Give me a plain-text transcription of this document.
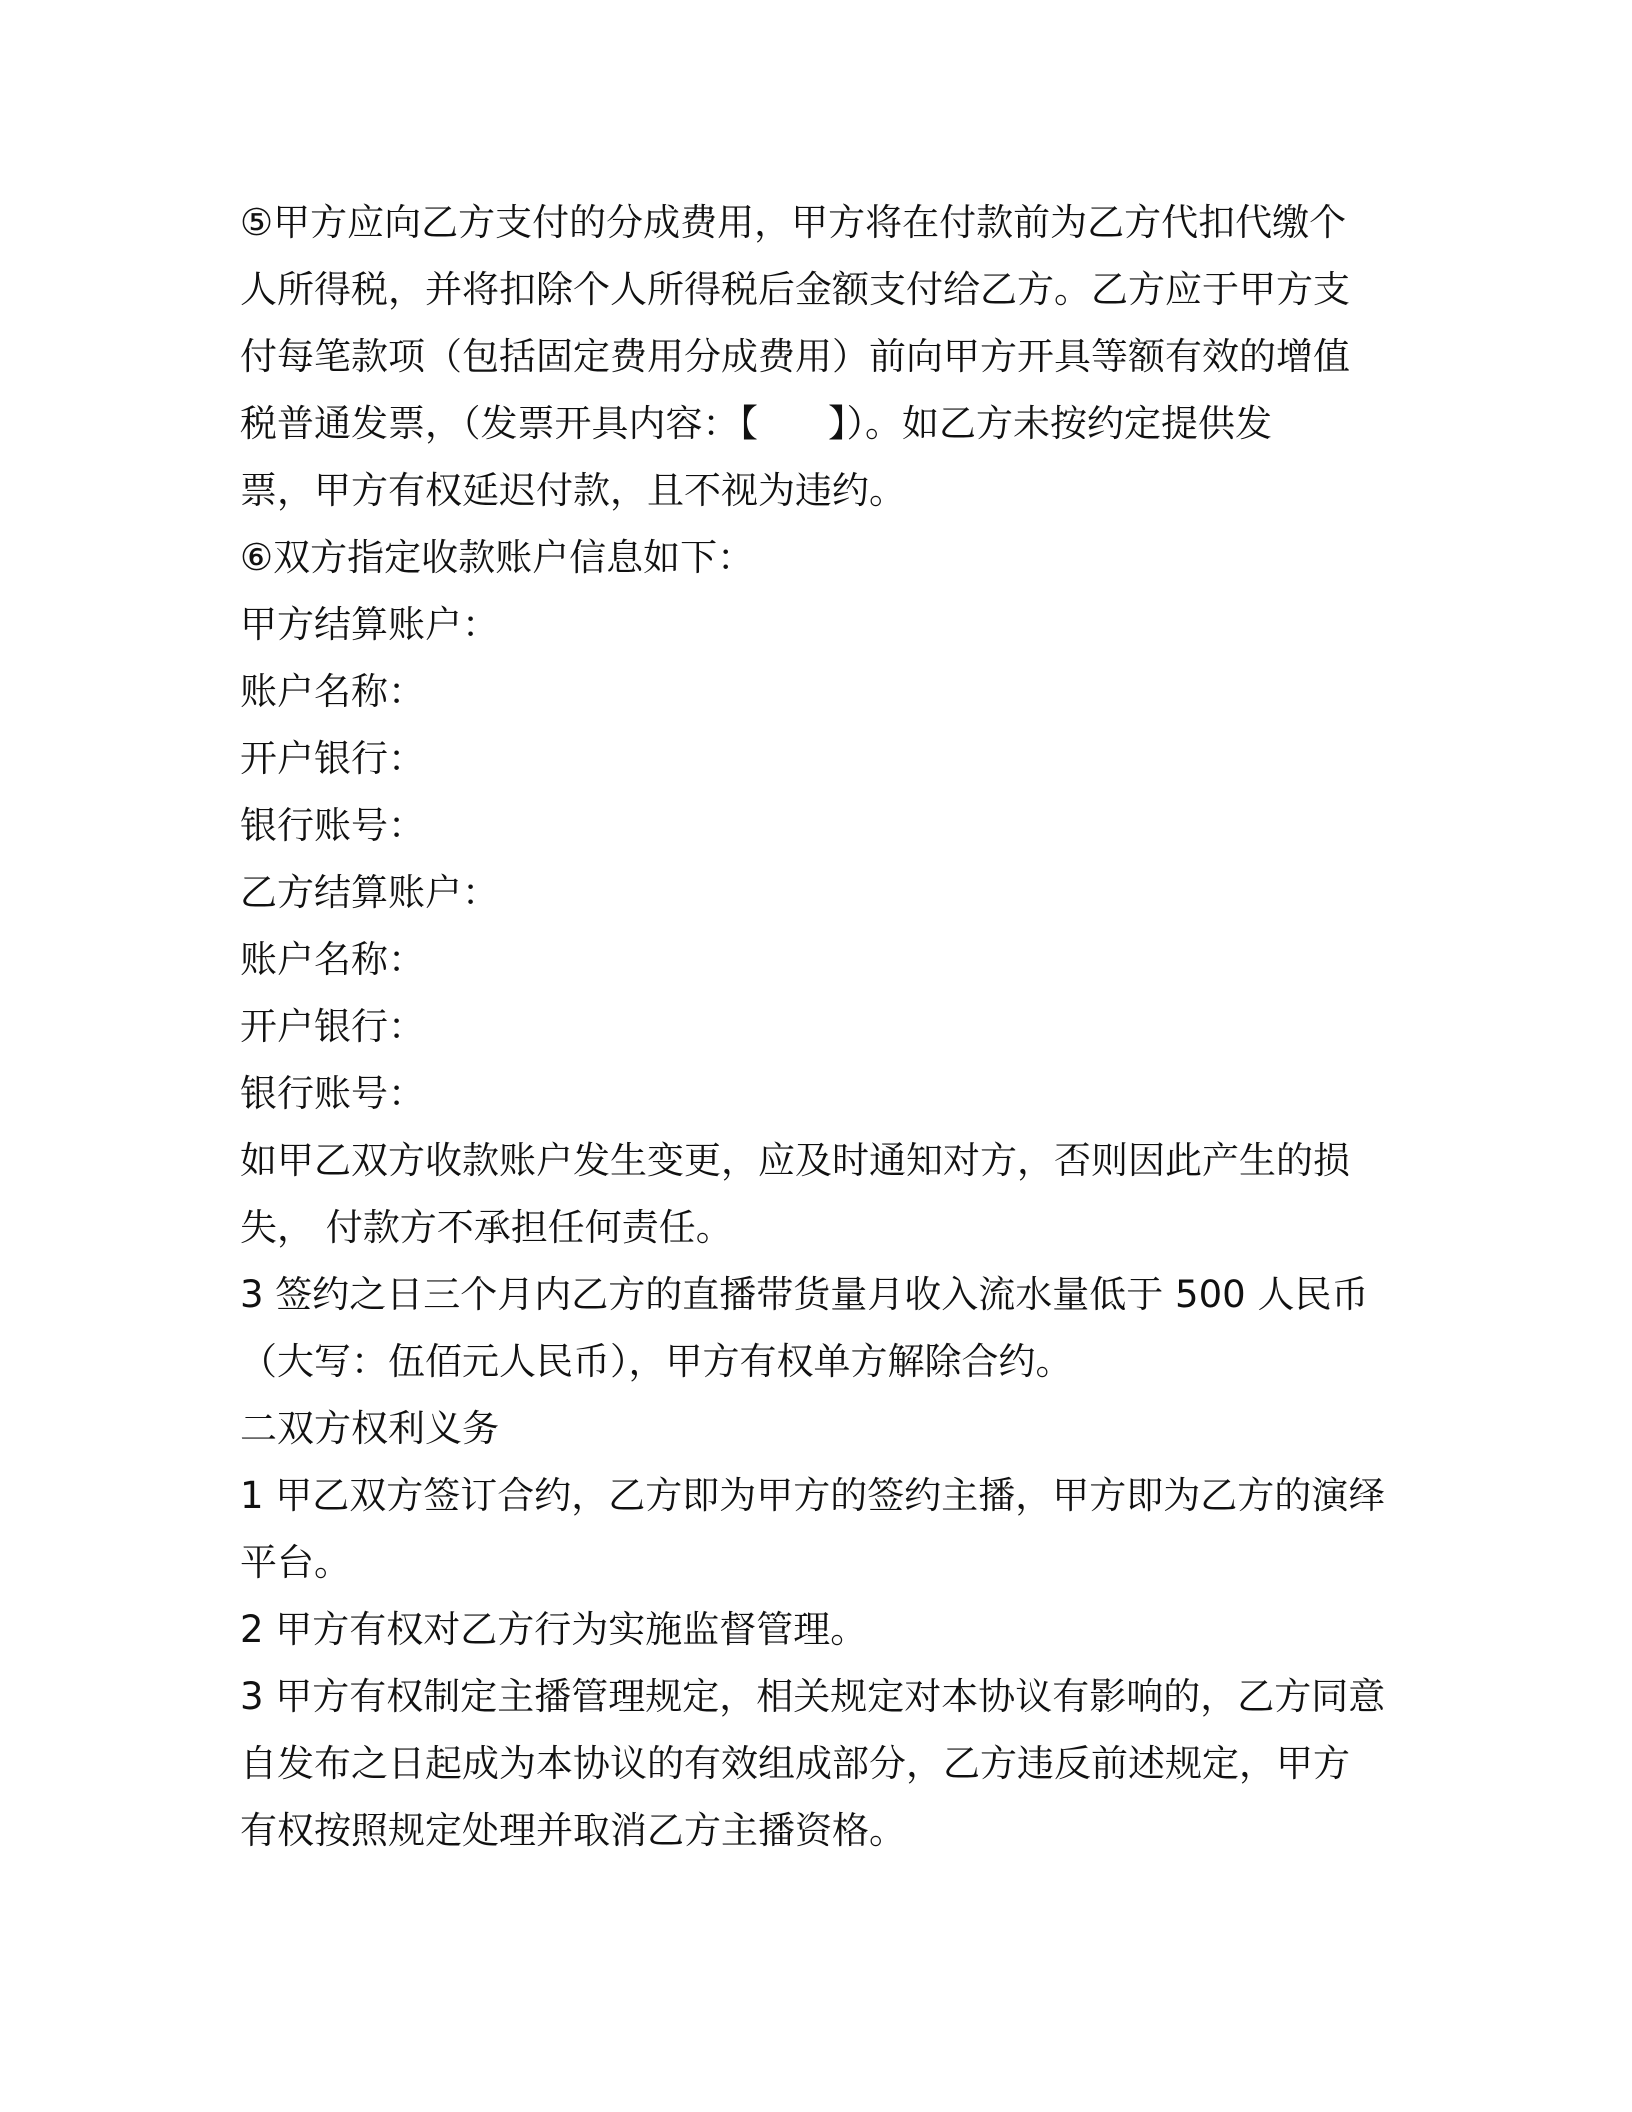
⑤甲方应向乙方支付的分成费用，甲方将在付款前为乙方代扣代缴个
人所得税，并将扣除个人所得税后金额支付给乙方。乙方应于甲方支
付每笔款项（包括固定费用分成费用）前向甲方开具等额有效的增值
税普通发票，（发票开具内容：【 】）。如乙方未按约定提供发
票，甲方有权延迟付款，且不视为违约。
⑥双方指定收款账户信息如下：
甲方结算账户：
账户名称：
开户银行：
银行账号：
乙方结算账户：
账户名称：
开户银行：
银行账号：
如甲乙双方收款账户发生变更，应及时通知对方，否则因此产生的损
失， 付款方不承担任何责任。
3 签约之日三个月内乙方的直播带货量月收入流水量低于 500 人民币
（大写：伍佰元人民币），甲方有权单方解除合约。
二双方权利义务
1 甲乙双方签订合约，乙方即为甲方的签约主播，甲方即为乙方的演绎
平台。
2 甲方有权对乙方行为实施监督管理。
3 甲方有权制定主播管理规定，相关规定对本协议有影响的，乙方同意
自发布之日起成为本协议的有效组成部分，乙方违反前述规定，甲方
有权按照规定处理并取消乙方主播资格。
